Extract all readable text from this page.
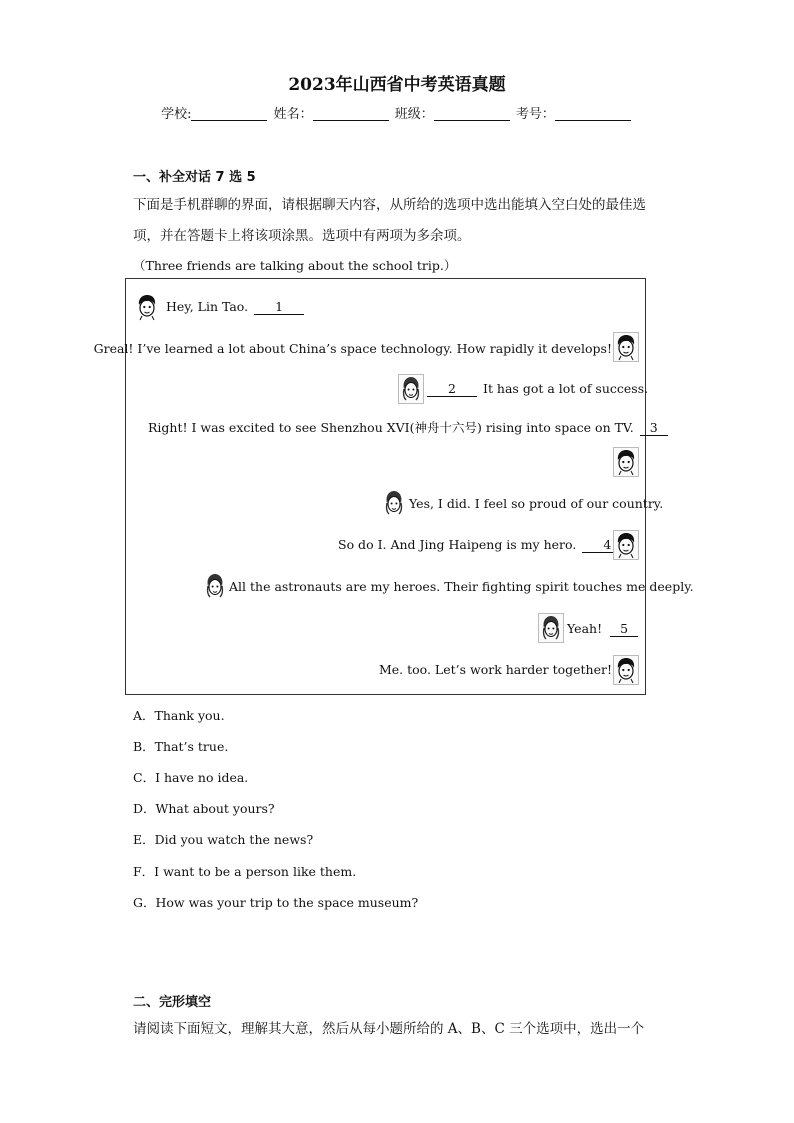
2023年山西省中考英语真题
学校:	姓名：	班级：	考号：
一、补全对话 7 选 5
下面是手机群聊的界面，请根据聊天内容，从所给的选项中选出能填入空白处的最佳选
项，并在答题卡上将该项涂黑。选项中有两项为多余项。
（Three friends are talking about the school trip.）
Hey, Lin Tao. 1
Greal! I’ve learned a lot about China’s space technology. How rapidly it develops!
2 It has got a lot of success.
Right! I was excited to see Shenzhou XVI(神舟十六号) rising into space on TV. 3
Yes, I did. I feel so proud of our country.
So do I. And Jing Haipeng is my hero. 4
All the astronauts are my heroes. Their fighting spirit touches me deeply.
Yeah! 5
Me. too. Let’s work harder together!
A．Thank you.
B．That’s true.
C．I have no idea.
D．What about yours?
E．Did you watch the news?
F．I want to be a person like them.
G．How was your trip to the space museum?
二、完形填空
请阅读下面短文，理解其大意，然后从每小题所给的 A、B、C 三个选项中，选出一个
